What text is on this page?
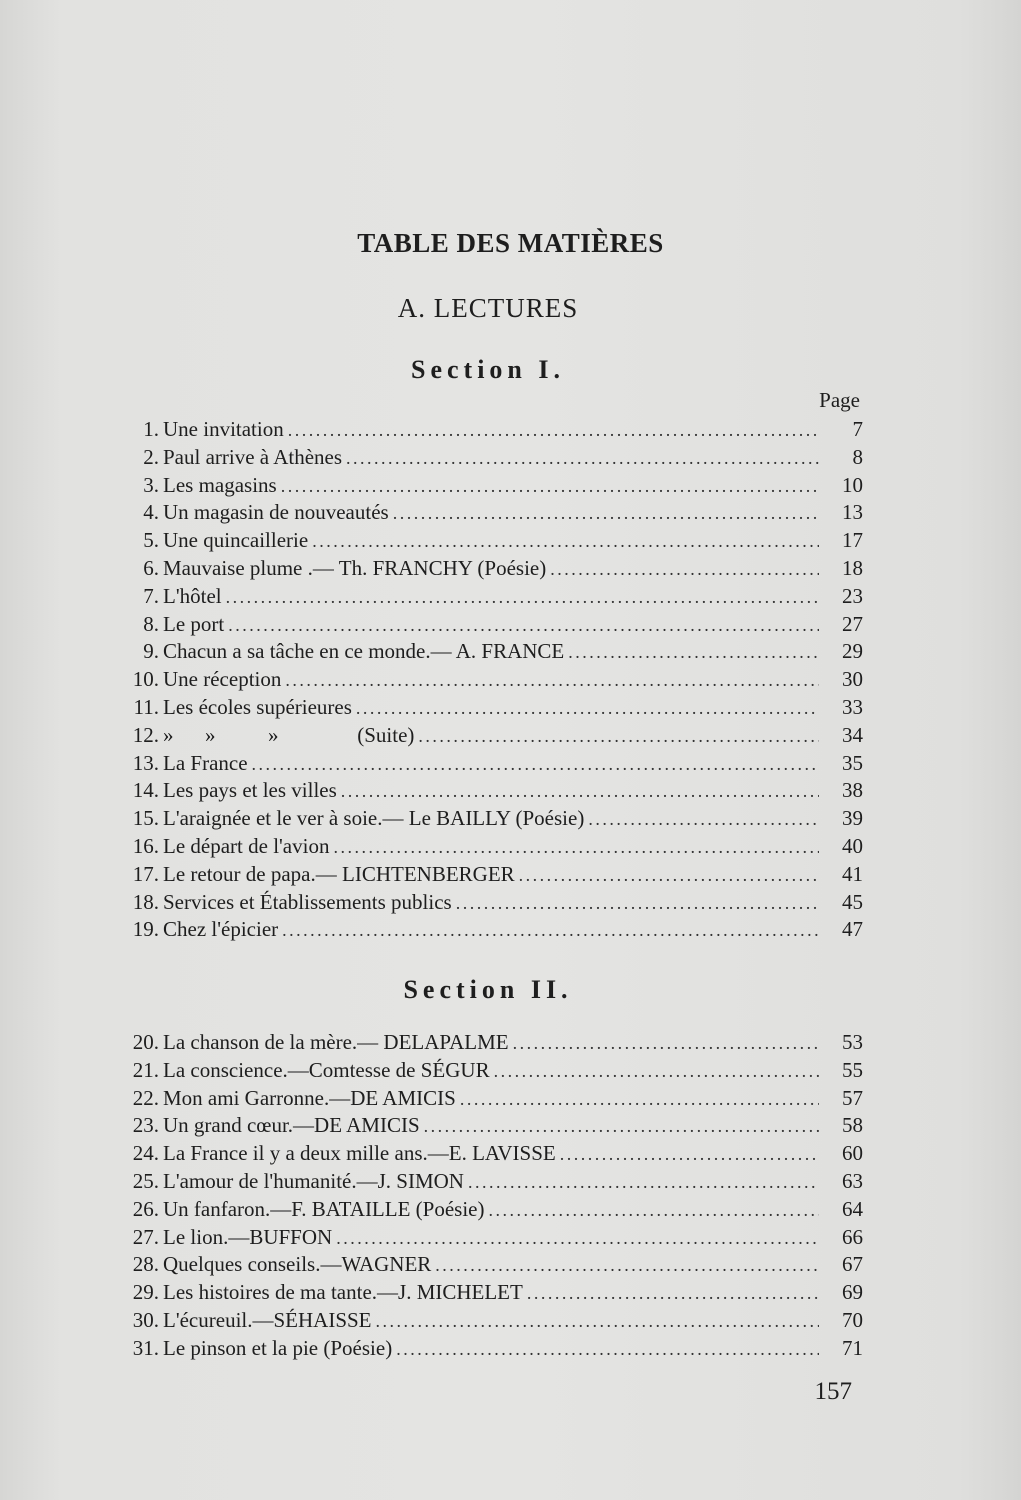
TABLE DES MATIÈRES
A. LECTURES
Section I.
Page
1. Une invitation . . .	7
2. Paul arrive à Athènes . . .	8
3. Les magasins . . .	10
4. Un magasin de nouveautés . . .	13
5. Une quincaillerie . . .	17
6. Mauvaise plume .— Th. FRANCHY (Poésie) . . .	18
7. L'hôtel . . .	23
8. Le port . . .	27
9. Chacun a sa tâche en ce monde.— A. FRANCE . . .	29
10. Une réception . . .	30
11. Les écoles supérieures . . .	33
12. »      »          »               (Suite) . . .	34
13. La France . . .	35
14. Les pays et les villes . . .	38
15. L'araignée et le ver à soie.— Le BAILLY (Poésie) . . .	39
16. Le départ de l'avion . . .	40
17. Le retour de papa.— LICHTENBERGER . . .	41
18. Services et Établissements publics . . .	45
19. Chez l'épicier . . .	47
Section II.
20. La chanson de la mère.— DELAPALME . . .	53
21. La conscience.—Comtesse de SÉGUR . . .	55
22. Mon ami Garronne.—DE AMICIS . . .	57
23. Un grand cœur.—DE AMICIS . . .	58
24. La France il y a deux mille ans.—E. LAVISSE . . .	60
25. L'amour de l'humanité.—J. SIMON . . .	63
26. Un fanfaron.—F. BATAILLE (Poésie) . . .	64
27. Le lion.—BUFFON . . .	66
28. Quelques conseils.—WAGNER . . .	67
29. Les histoires de ma tante.—J. MICHELET . . .	69
30. L'écureuil.—SÉHAISSE . . .	70
31. Le pinson et la pie (Poésie) . . .	71
157
